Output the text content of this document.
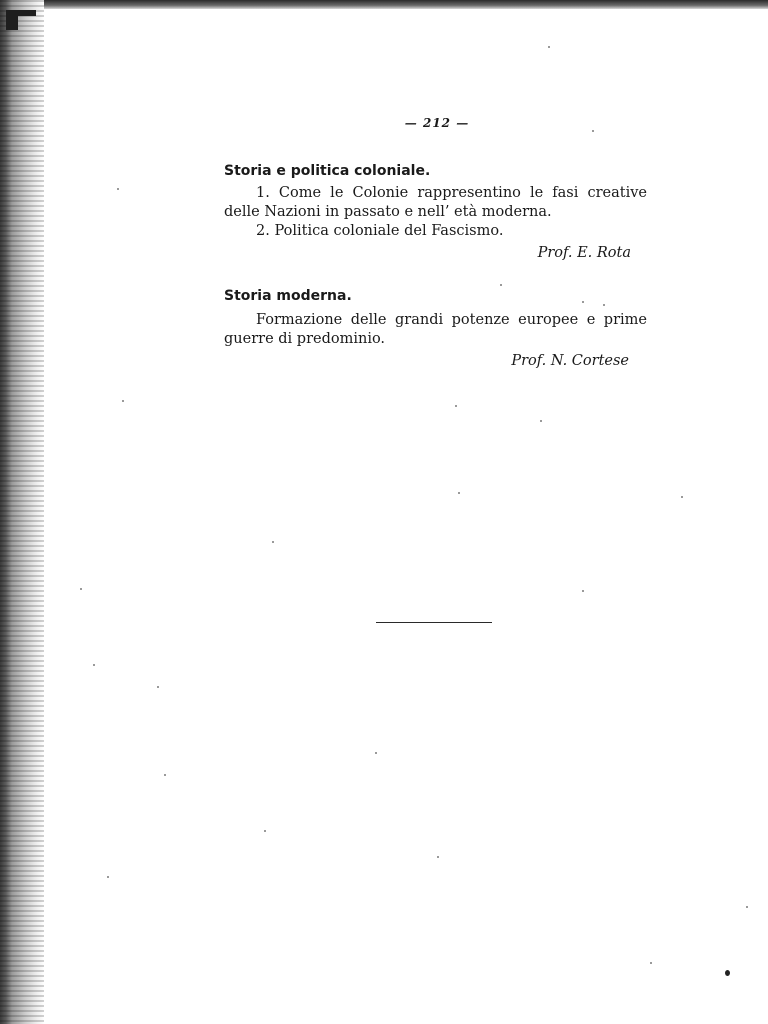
— 212 —

Storia e politica coloniale.

1. Come le Colonie rappresentino le fasi creative

delle Nazioni in passato e nell’ età moderna.

2. Politica coloniale del Fascismo.

Prof. E. Rota

Storia moderna.

Formazione delle grandi potenze europee e prime

guerre di predominio.

Prof. N. Cortese
